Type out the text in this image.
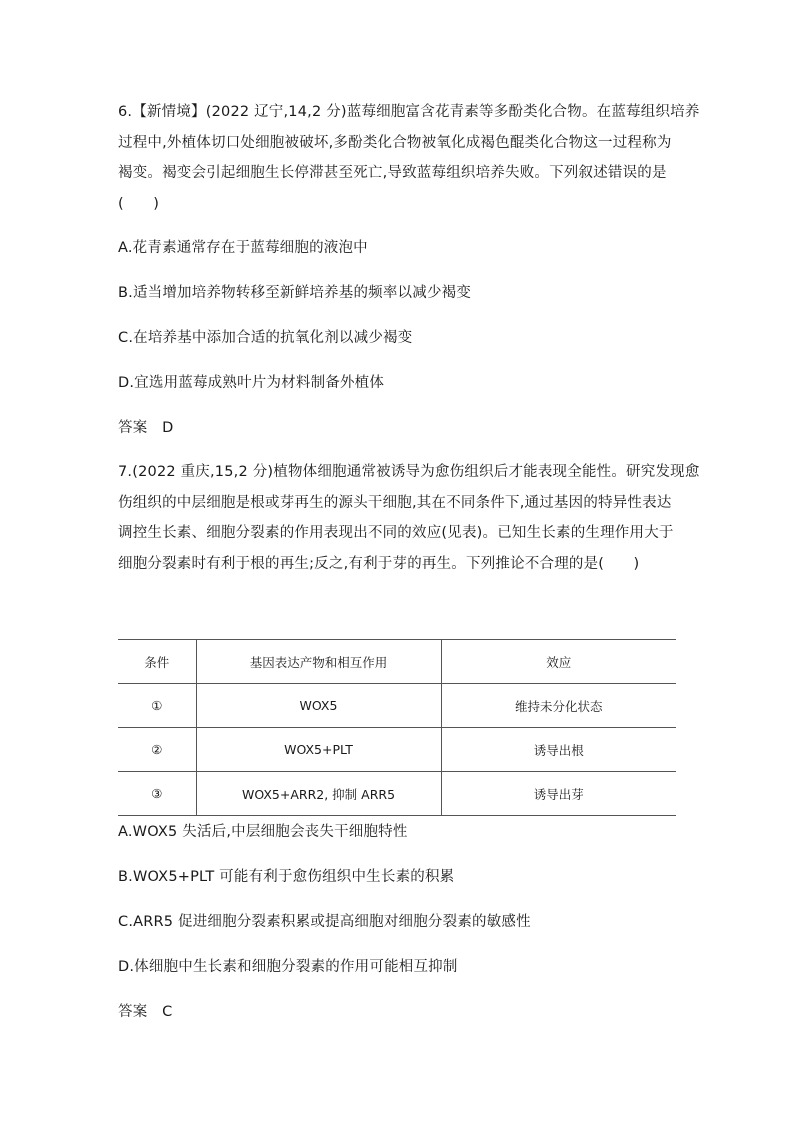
6.【新情境】(2022 辽宁,14,2 分)蓝莓细胞富含花青素等多酚类化合物。在蓝莓组织培养
过程中,外植体切口处细胞被破坏,多酚类化合物被氧化成褐色醌类化合物这一过程称为
褐变。褐变会引起细胞生长停滞甚至死亡,导致蓝莓组织培养失败。下列叙述错误的是
(　　)
A.花青素通常存在于蓝莓细胞的液泡中
B.适当增加培养物转移至新鲜培养基的频率以减少褐变
C.在培养基中添加合适的抗氧化剂以减少褐变
D.宜选用蓝莓成熟叶片为材料制备外植体
答案　D
7.(2022 重庆,15,2 分)植物体细胞通常被诱导为愈伤组织后才能表现全能性。研究发现愈
伤组织的中层细胞是根或芽再生的源头干细胞,其在不同条件下,通过基因的特异性表达
调控生长素、细胞分裂素的作用表现出不同的效应(见表)。已知生长素的生理作用大于
细胞分裂素时有利于根的再生;反之,有利于芽的再生。下列推论不合理的是(　　)
条件	基因表达产物和相互作用	效应
①	WOX5	维持未分化状态
②	WOX5+PLT	诱导出根
③	WOX5+ARR2, 抑制 ARR5	诱导出芽
A.WOX5 失活后,中层细胞会丧失干细胞特性
B.WOX5+PLT 可能有利于愈伤组织中生长素的积累
C.ARR5 促进细胞分裂素积累或提高细胞对细胞分裂素的敏感性
D.体细胞中生长素和细胞分裂素的作用可能相互抑制
答案　C
